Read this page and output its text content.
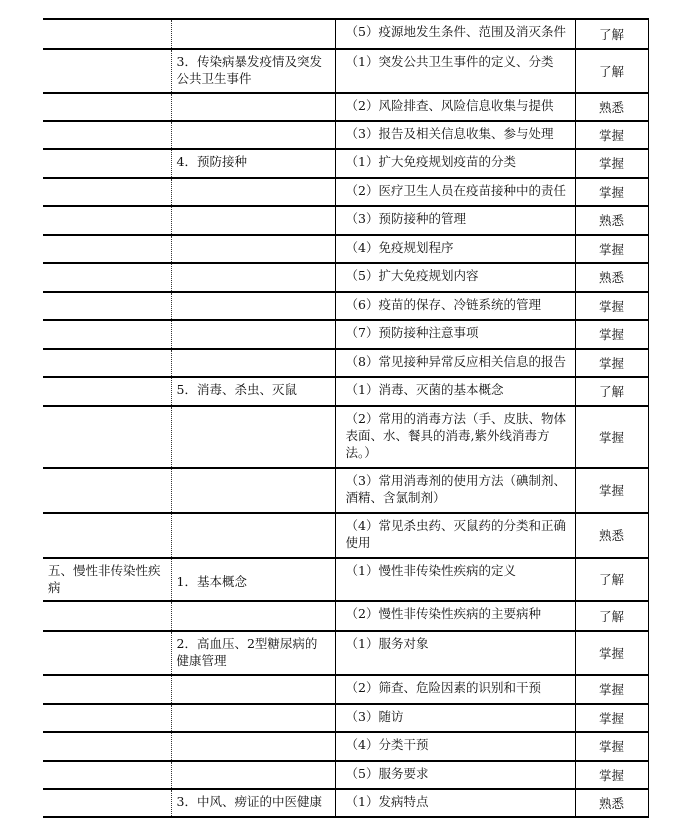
		（5）疫源地发生条件、范围及消灭条件	了解
	3．传染病暴发疫情及突发公共卫生事件	（1）突发公共卫生事件的定义、分类	了解
		（2）风险排查、风险信息收集与提供	熟悉
		（3）报告及相关信息收集、参与处理	掌握
	4．预防接种	（1）扩大免疫规划疫苗的分类	掌握
		（2）医疗卫生人员在疫苗接种中的责任	掌握
		（3）预防接种的管理	熟悉
		（4）免疫规划程序	掌握
		（5）扩大免疫规划内容	熟悉
		（6）疫苗的保存、冷链系统的管理	掌握
		（7）预防接种注意事项	掌握
		（8）常见接种异常反应相关信息的报告	掌握
	5．消毒、杀虫、灭鼠	（1）消毒、灭菌的基本概念	了解
		（2）常用的消毒方法（手、皮肤、物体表面、水、餐具的消毒,紫外线消毒方法。）	掌握
		（3）常用消毒剂的使用方法（碘制剂、酒精、含氯制剂）	掌握
		（4）常见杀虫药、灭鼠药的分类和正确使用	熟悉
五、慢性非传染性疾病	1．基本概念	（1）慢性非传染性疾病的定义	了解
		（2）慢性非传染性疾病的主要病种	了解
	2．高血压、2型糖尿病的健康管理	（1）服务对象	掌握
		（2）筛查、危险因素的识别和干预	掌握
		（3）随访	掌握
		（4）分类干预	掌握
		（5）服务要求	掌握
	3．中风、痨证的中医健康	（1）发病特点	熟悉
